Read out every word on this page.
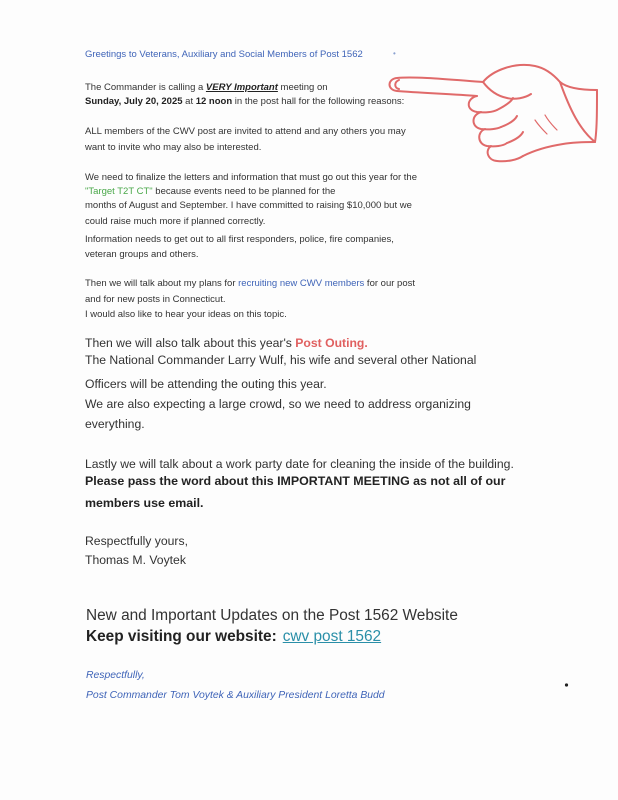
Greetings to Veterans, Auxiliary and Social Members of Post 1562	•
The Commander is calling a VERY Important meeting on
Sunday, July 20, 2025 at 12 noon in the post hall for the following reasons:
ALL members of the CWV post are invited to attend and any others you may
want to invite who may also be interested.
We need to finalize the letters and information that must go out this year for the
"Target T2T CT" because events need to be planned for the
months of August and September. I have committed to raising $10,000 but we
could raise much more if planned correctly.
Information needs to get out to all first responders, police, fire companies,
veteran groups and others.
Then we will talk about my plans for recruiting new CWV members for our post
and for new posts in Connecticut.
I would also like to hear your ideas on this topic.
Then we will also talk about this year's Post Outing.
The National Commander Larry Wulf, his wife and several other National
Officers will be attending the outing this year.
We are also expecting a large crowd, so we need to address organizing
everything.
Lastly we will talk about a work party date for cleaning the inside of the building.
Please pass the word about this IMPORTANT MEETING as not all of our
members use email.
Respectfully yours,
Thomas M. Voytek
New and Important Updates on the Post 1562 Website
Keep visiting our website: cwv post 1562
Respectfully,
Post Commander Tom Voytek & Auxiliary President Loretta Budd
